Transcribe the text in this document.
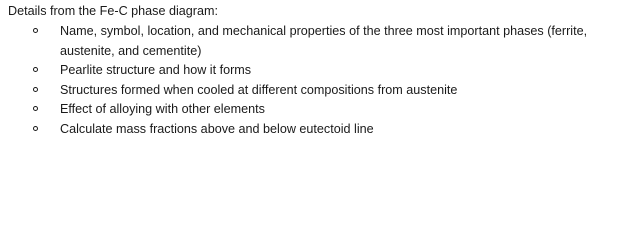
Details from the Fe-C phase diagram:
Name, symbol, location, and mechanical properties of the three most important phases (ferrite, austenite, and cementite)
Pearlite structure and how it forms
Structures formed when cooled at different compositions from austenite
Effect of alloying with other elements
Calculate mass fractions above and below eutectoid line
